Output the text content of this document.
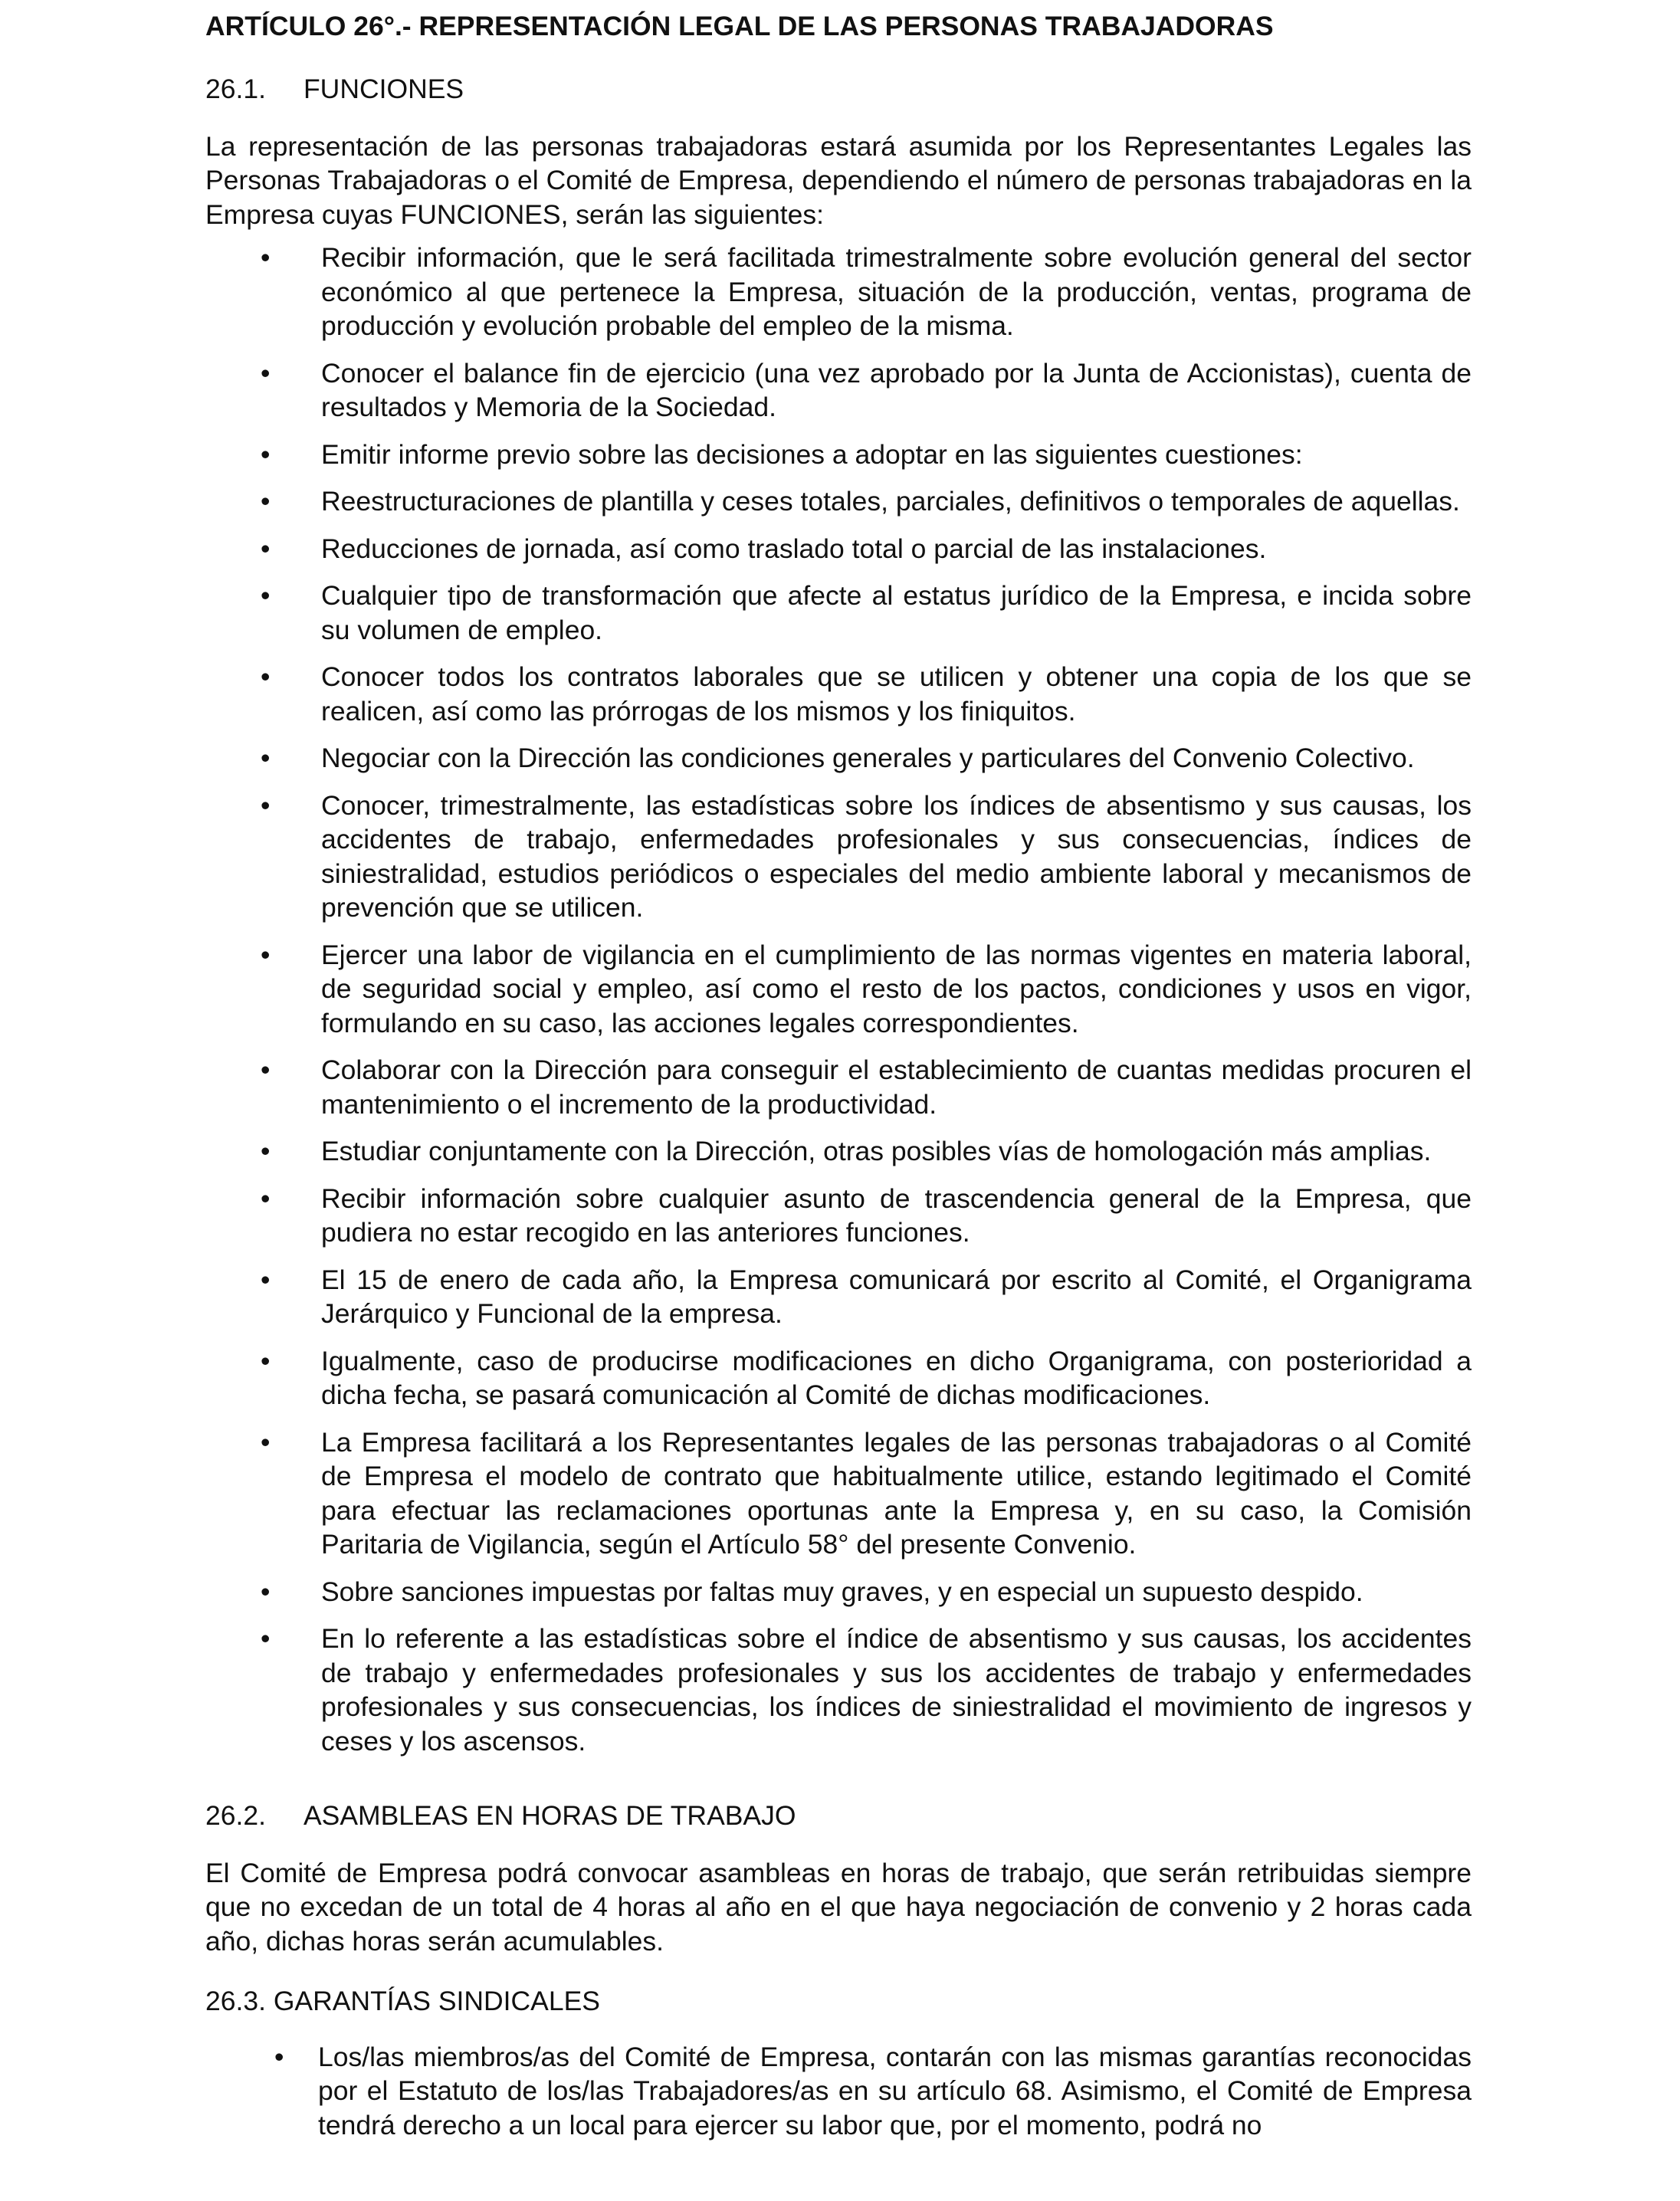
ARTÍCULO 26°.- REPRESENTACIÓN LEGAL DE LAS PERSONAS TRABAJADORAS
26.1. FUNCIONES
La representación de las personas trabajadoras estará asumida por los Representantes Legales las Personas Trabajadoras o el Comité de Empresa, dependiendo el número de personas trabajadoras en la Empresa cuyas FUNCIONES, serán las siguientes:
• Recibir información, que le será facilitada trimestralmente sobre evolución general del sector económico al que pertenece la Empresa, situación de la producción, ventas, programa de producción y evolución probable del empleo de la misma.
• Conocer el balance fin de ejercicio (una vez aprobado por la Junta de Accionistas), cuenta de resultados y Memoria de la Sociedad.
• Emitir informe previo sobre las decisiones a adoptar en las siguientes cuestiones:
• Reestructuraciones de plantilla y ceses totales, parciales, definitivos o temporales de aquellas.
• Reducciones de jornada, así como traslado total o parcial de las instalaciones.
• Cualquier tipo de transformación que afecte al estatus jurídico de la Empresa, e incida sobre su volumen de empleo.
• Conocer todos los contratos laborales que se utilicen y obtener una copia de los que se realicen, así como las prórrogas de los mismos y los finiquitos.
• Negociar con la Dirección las condiciones generales y particulares del Convenio Colectivo.
• Conocer, trimestralmente, las estadísticas sobre los índices de absentismo y sus causas, los accidentes de trabajo, enfermedades profesionales y sus consecuencias, índices de siniestralidad, estudios periódicos o especiales del medio ambiente laboral y mecanismos de prevención que se utilicen.
• Ejercer una labor de vigilancia en el cumplimiento de las normas vigentes en materia laboral, de seguridad social y empleo, así como el resto de los pactos, condiciones y usos en vigor, formulando en su caso, las acciones legales correspondientes.
• Colaborar con la Dirección para conseguir el establecimiento de cuantas medidas procuren el mantenimiento o el incremento de la productividad.
• Estudiar conjuntamente con la Dirección, otras posibles vías de homologación más amplias.
• Recibir información sobre cualquier asunto de trascendencia general de la Empresa, que pudiera no estar recogido en las anteriores funciones.
• El 15 de enero de cada año, la Empresa comunicará por escrito al Comité, el Organigrama Jerárquico y Funcional de la empresa.
• Igualmente, caso de producirse modificaciones en dicho Organigrama, con posterioridad a dicha fecha, se pasará comunicación al Comité de dichas modificaciones.
• La Empresa facilitará a los Representantes legales de las personas trabajadoras o al Comité de Empresa el modelo de contrato que habitualmente utilice, estando legitimado el Comité para efectuar las reclamaciones oportunas ante la Empresa y, en su caso, la Comisión Paritaria de Vigilancia, según el Artículo 58° del presente Convenio.
• Sobre sanciones impuestas por faltas muy graves, y en especial un supuesto despido.
• En lo referente a las estadísticas sobre el índice de absentismo y sus causas, los accidentes de trabajo y enfermedades profesionales y sus los accidentes de trabajo y enfermedades profesionales y sus consecuencias, los índices de siniestralidad el movimiento de ingresos y ceses y los ascensos.
26.2. ASAMBLEAS EN HORAS DE TRABAJO
El Comité de Empresa podrá convocar asambleas en horas de trabajo, que serán retribuidas siempre que no excedan de un total de 4 horas al año en el que haya negociación de convenio y 2 horas cada año, dichas horas serán acumulables.
26.3. GARANTÍAS SINDICALES
• Los/las miembros/as del Comité de Empresa, contarán con las mismas garantías reconocidas por el Estatuto de los/las Trabajadores/as en su artículo 68. Asimismo, el Comité de Empresa tendrá derecho a un local para ejercer su labor que, por el momento, podrá no
